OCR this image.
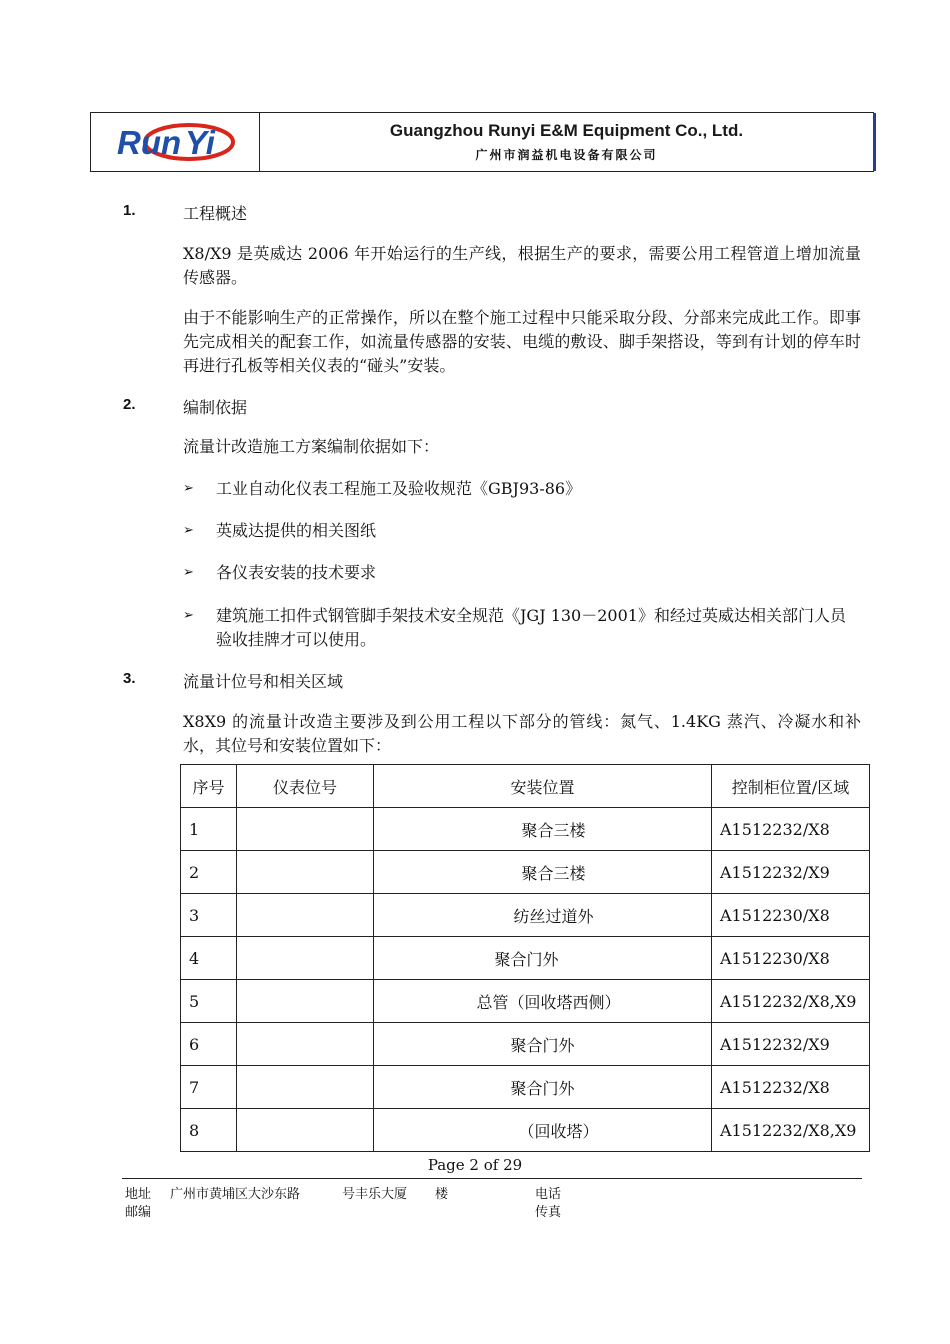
Run Yi	Guangzhou Runyi E&M Equipment Co., Ltd.
广州市润益机电设备有限公司
1.	工程概述
X8/X9 是英威达 2006 年开始运行的生产线，根据生产的要求，需要公用工程管道上增加流量传感器。
由于不能影响生产的正常操作，所以在整个施工过程中只能采取分段、分部来完成此工作。即事先完成相关的配套工作，如流量传感器的安装、电缆的敷设、脚手架搭设，等到有计划的停车时再进行孔板等相关仪表的“碰头”安装。
2.	编制依据
流量计改造施工方案编制依据如下：
➢	工业自动化仪表工程施工及验收规范《GBJ93-86》
➢	英威达提供的相关图纸
➢	各仪表安装的技术要求
➢	建筑施工扣件式钢管脚手架技术安全规范《JGJ 130－2001》和经过英威达相关部门人员验收挂牌才可以使用。
3.	流量计位号和相关区域
X8X9 的流量计改造主要涉及到公用工程以下部分的管线：氮气、1.4KG 蒸汽、冷凝水和补水，其位号和安装位置如下：
序号	仪表位号	安装位置	控制柜位置/区域
1		聚合三楼	A1512232/X8
2		聚合三楼	A1512232/X9
3		纺丝过道外	A1512230/X8
4		聚合门外	A1512230/X8
5		总管（回收塔西侧）	A1512232/X8,X9
6		聚合门外	A1512232/X9
7		聚合门外	A1512232/X8
8		（回收塔）	A1512232/X8,X9
Page 2 of 29
地址 广州市黄埔区大沙东路	号丰乐大厦 楼	电话
邮编	传真
